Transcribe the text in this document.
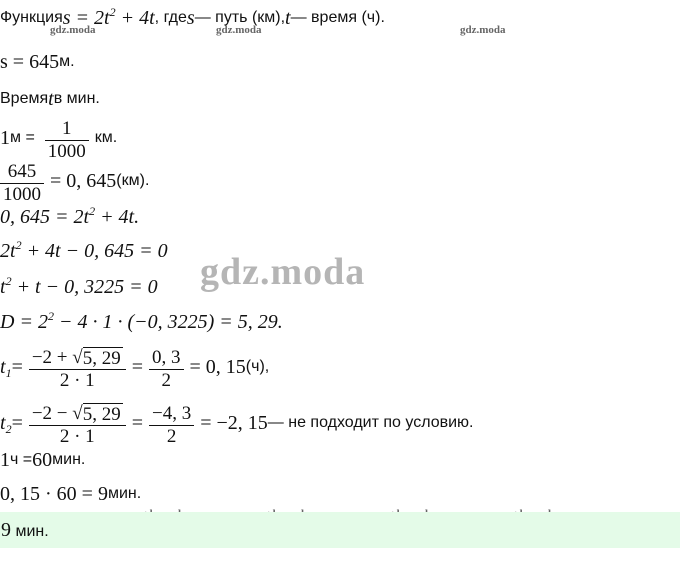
gdz.moda	gdz.moda	gdz.moda
Функция $s = 2t^2 + 4t$ , где s — путь (км), t — время (ч).
s = 645 м.
Время t в мин.
1 $м = \frac{1}{1000}$ км.
$\frac{645}{1000} = 0$, 645 (км).
0, $645 = 2t^2 + 4t$.
$2t^2 + 4t - 0$, 645 = 0
$t^2 + t - 0$, 3225 = 0 gdz.moda
$D = 2^2 - 4 \cdot 1 \cdot (-0$, 3225) = 5, 29.
$t_1 = \frac{-2 + √ 5, 29}{2 \cdot 1} = \frac{0, 3}{2} = 0$, 15 (ч),
$t_2 = \frac{-2 - √ 5, 29}{2 \cdot 1} = \frac{-4, 3}{2} = -2$, 15 — не подходит по условию.
1 ч = 60 мин.
0, 15 · 60 = 9 мин.
9 мин.
